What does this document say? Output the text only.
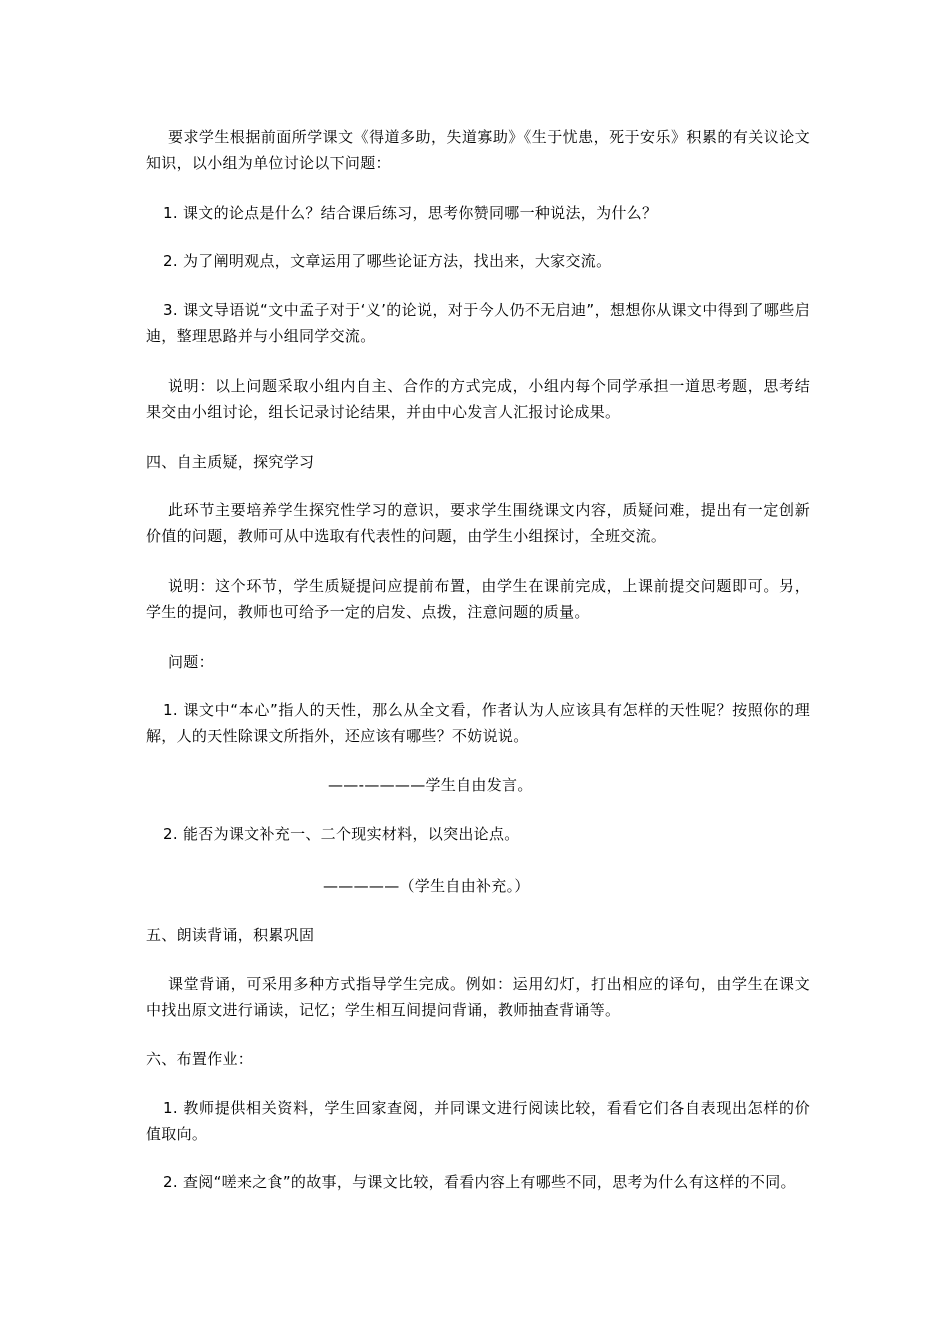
要求学生根据前面所学课文《得道多助，失道寡助》《生于忧患，死于安乐》积累的有关议论文知识，以小组为单位讨论以下问题：

1. 课文的论点是什么？结合课后练习，思考你赞同哪一种说法，为什么？

2. 为了阐明观点，文章运用了哪些论证方法，找出来，大家交流。

3. 课文导语说“文中孟子对于‘义’的论说，对于今人仍不无启迪”，想想你从课文中得到了哪些启迪，整理思路并与小组同学交流。

说明：以上问题采取小组内自主、合作的方式完成，小组内每个同学承担一道思考题，思考结果交由小组讨论，组长记录讨论结果，并由中心发言人汇报讨论成果。

四、自主质疑，探究学习

此环节主要培养学生探究性学习的意识，要求学生围绕课文内容，质疑问难，提出有一定创新价值的问题，教师可从中选取有代表性的问题，由学生小组探讨，全班交流。

说明：这个环节，学生质疑提问应提前布置，由学生在课前完成，上课前提交问题即可。另，学生的提问，教师也可给予一定的启发、点拨，注意问题的质量。

问题：

1. 课文中“本心”指人的天性，那么从全文看，作者认为人应该具有怎样的天性呢？按照你的理解，人的天性除课文所指外，还应该有哪些？不妨说说。

——-————学生自由发言。

2. 能否为课文补充一、二个现实材料，以突出论点。

—————（学生自由补充。）

五、朗读背诵，积累巩固

课堂背诵，可采用多种方式指导学生完成。例如：运用幻灯，打出相应的译句，由学生在课文中找出原文进行诵读，记忆；学生相互间提问背诵，教师抽查背诵等。

六、布置作业：

1. 教师提供相关资料，学生回家查阅，并同课文进行阅读比较，看看它们各自表现出怎样的价值取向。

2. 查阅“嗟来之食”的故事，与课文比较，看看内容上有哪些不同，思考为什么有这样的不同。
